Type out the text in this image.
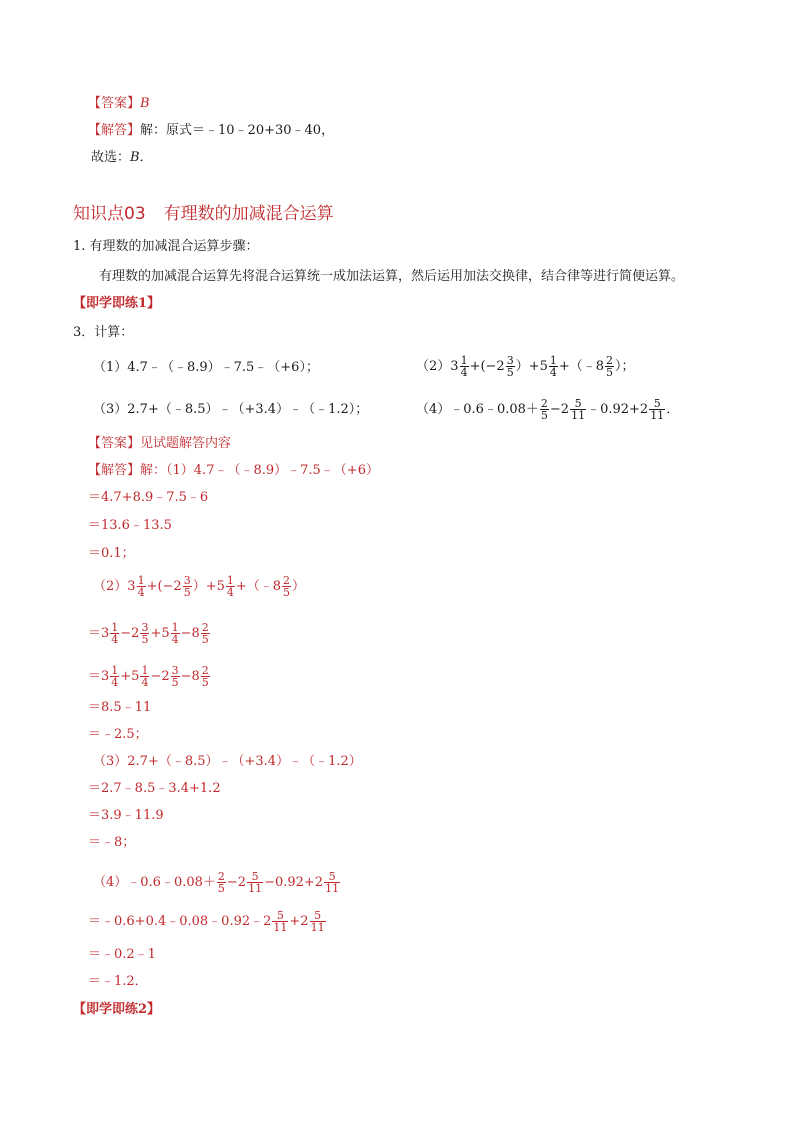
【答案】B
【解答】解：原式＝﹣10﹣20+30﹣40，
故选：B．
知识点03 有理数的加减混合运算
1. 有理数的加减混合运算步骤：
有理数的加减混合运算先将混合运算统一成加法运算，然后运用加法交换律，结合律等进行简便运算。
【即学即练1】
3．计算：
（1）4.7﹣（﹣8.9）﹣7.5﹣（+6）；	$(2)3 \frac{1}{4} +(-2 \frac{3}{5} )+5 \frac{1}{4}$ +（﹣8 $\frac{2}{5}$ ）；
（3）2.7+（﹣8.5）﹣（+3.4）﹣（﹣1.2）；	（4）﹣0.6﹣0.08＋ $\frac{2}{5} -2 \frac{5}{11}$ ﹣0.92+2 $\frac{5}{11}$ ．
【答案】见试题解答内容
【解答】解：（1）4.7﹣（﹣8.9）﹣7.5﹣（+6）
＝4.7+8.9﹣7.5﹣6
＝13.6﹣13.5
＝0.1；
$(2)3 \frac{1}{4} +(-2 \frac{3}{5} )+5 \frac{1}{4}$ +（﹣8 $\frac{2}{5}$ ）
$=3 \frac{1}{4} -2 \frac{3}{5} +5 \frac{1}{4} -8 \frac{2}{5}$
$=3 \frac{1}{4} +5 \frac{1}{4} -2 \frac{3}{5} -8 \frac{2}{5}$
＝8.5﹣11
＝﹣2.5；
（3）2.7+（﹣8.5）﹣（+3.4）﹣（﹣1.2）
＝2.7﹣8.5﹣3.4+1.2
＝3.9﹣11.9
＝﹣8；
（4）﹣0.6﹣0.08＋ $\frac{2}{5} -2 \frac{5}{11} -0.92+2 \frac{5}{11}$
＝﹣0.6+0.4﹣0.08﹣0.92﹣2 $\frac{5}{11} +2 \frac{5}{11}$
＝﹣0.2﹣1
＝﹣1.2．
【即学即练2】
